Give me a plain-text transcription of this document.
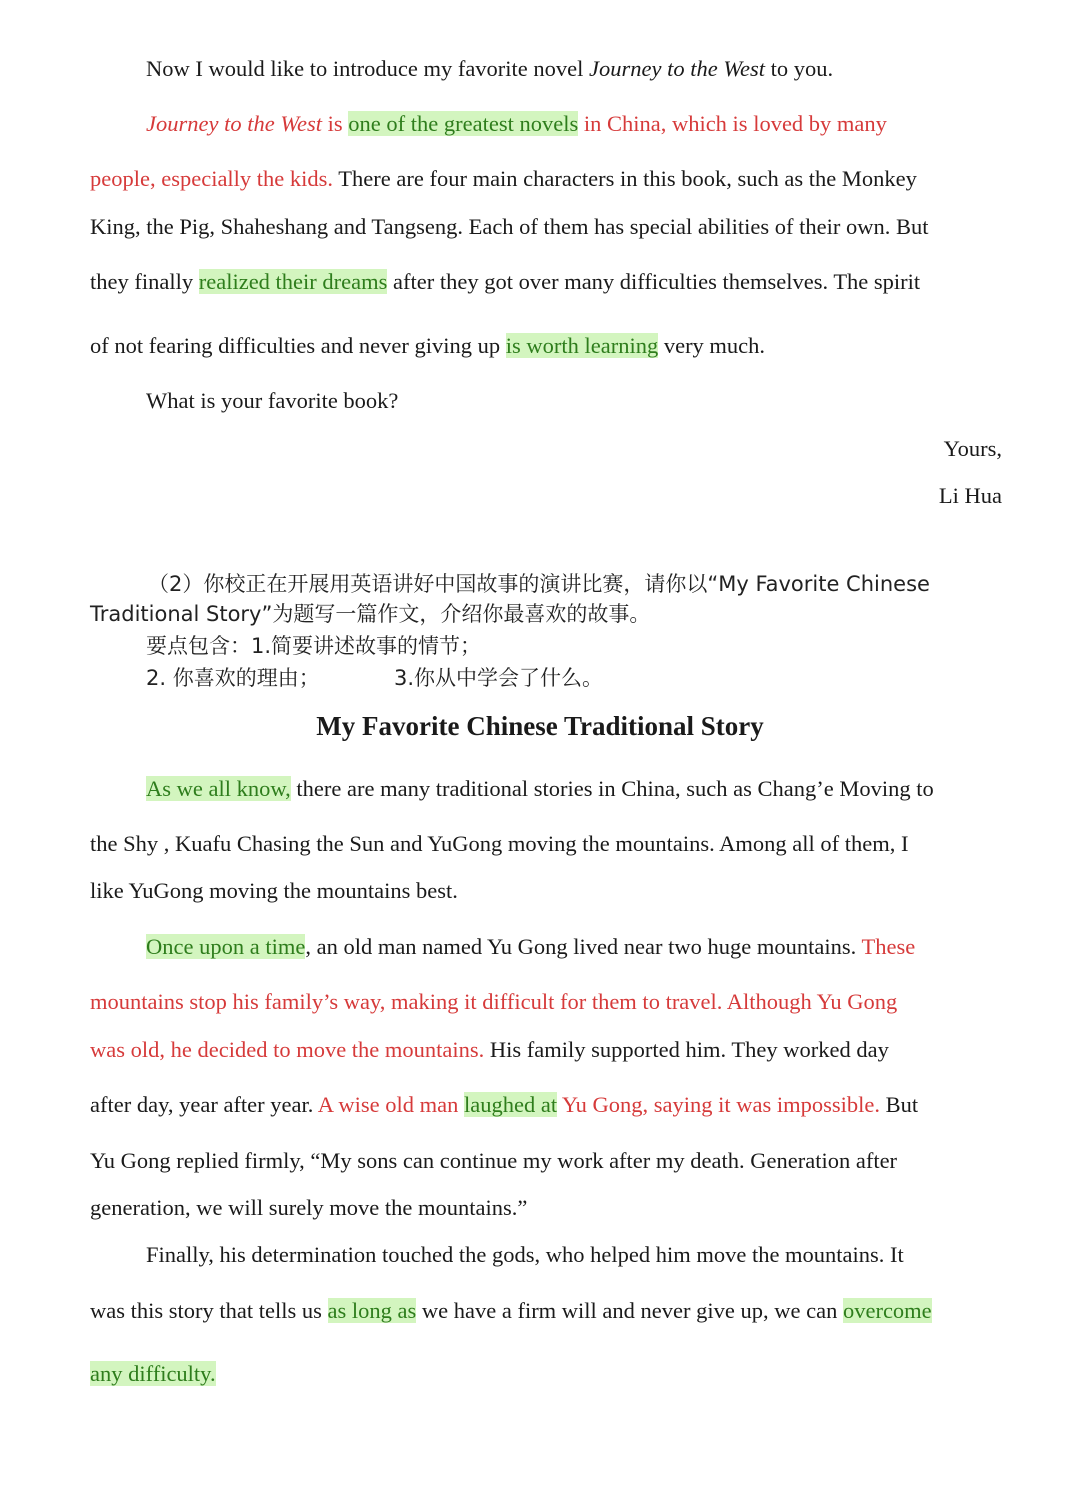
Now I would like to introduce my favorite novel Journey to the West to you.
Journey to the West is one of the greatest novels in China, which is loved by many
people, especially the kids. There are four main characters in this book, such as the Monkey
King, the Pig, Shaheshang and Tangseng. Each of them has special abilities of their own. But
they finally realized their dreams after they got over many difficulties themselves. The spirit
of not fearing difficulties and never giving up is worth learning very much.
What is your favorite book?
Yours,
Li Hua
（2）你校正在开展用英语讲好中国故事的演讲比赛，请你以“My Favorite Chinese
Traditional Story”为题写一篇作文，介绍你最喜欢的故事。
要点包含：1.简要讲述故事的情节；
2. 你喜欢的理由；	3.你从中学会了什么。
My Favorite Chinese Traditional Story
As we all know, there are many traditional stories in China, such as Chang’e Moving to
the Shy , Kuafu Chasing the Sun and YuGong moving the mountains. Among all of them, I
like YuGong moving the mountains best.
Once upon a time, an old man named Yu Gong lived near two huge mountains. These
mountains stop his family’s way, making it difficult for them to travel. Although Yu Gong
was old, he decided to move the mountains. His family supported him. They worked day
after day, year after year. A wise old man laughed at Yu Gong, saying it was impossible. But
Yu Gong replied firmly, “My sons can continue my work after my death. Generation after
generation, we will surely move the mountains.”
Finally, his determination touched the gods, who helped him move the mountains. It
was this story that tells us as long as we have a firm will and never give up, we can overcome
any difficulty.
